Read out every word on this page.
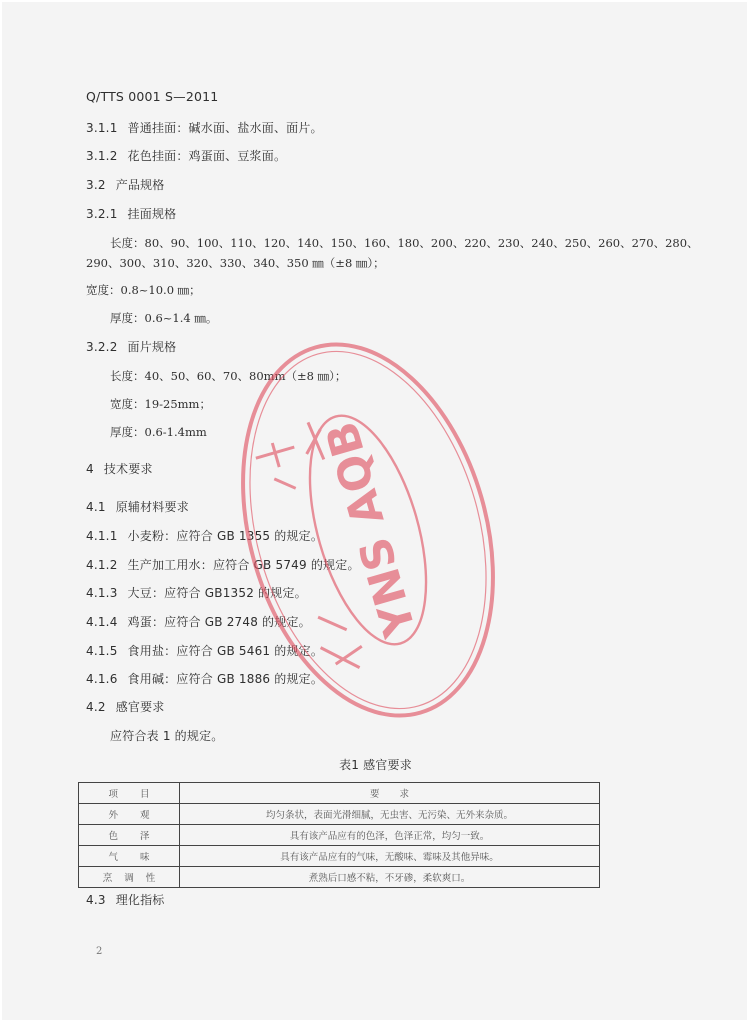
Q/TTS 0001 S—2011
3.1.1 普通挂面：碱水面、盐水面、面片。
3.1.2 花色挂面：鸡蛋面、豆浆面。
3.2 产品规格
3.2.1 挂面规格
长度：80、90、100、110、120、140、150、160、180、200、220、230、240、250、260、270、280、
290、300、310、320、330、340、350 ㎜（±8 ㎜）；
宽度：0.8~10.0 ㎜；
厚度：0.6~1.4 ㎜。
3.2.2 面片规格
长度：40、50、60、70、80mm（±8 ㎜）；
宽度：19-25mm；
厚度：0.6-1.4mm
4 技术要求
4.1 原辅材料要求
4.1.1 小麦粉：应符合 GB 1355 的规定。
4.1.2 生产加工用水：应符合 GB 5749 的规定。
4.1.3 大豆：应符合 GB1352 的规定。
4.1.4 鸡蛋：应符合 GB 2748 的规定。
4.1.5 食用盐：应符合 GB 5461 的规定。
4.1.6 食用碱：应符合 GB 1886 的规定。
4.2 感官要求
应符合表 1 的规定。
表1 感官要求
项目	要求
外观	均匀条状，表面光滑细腻，无虫害、无污染、无外来杂质。
色泽	具有该产品应有的色泽，色泽正常，均匀一致。
气味	具有该产品应有的气味，无酸味、霉味及其他异味。
烹调性	煮熟后口感不粘，不牙碜，柔软爽口。
4.3 理化指标
2
YNS AQB
